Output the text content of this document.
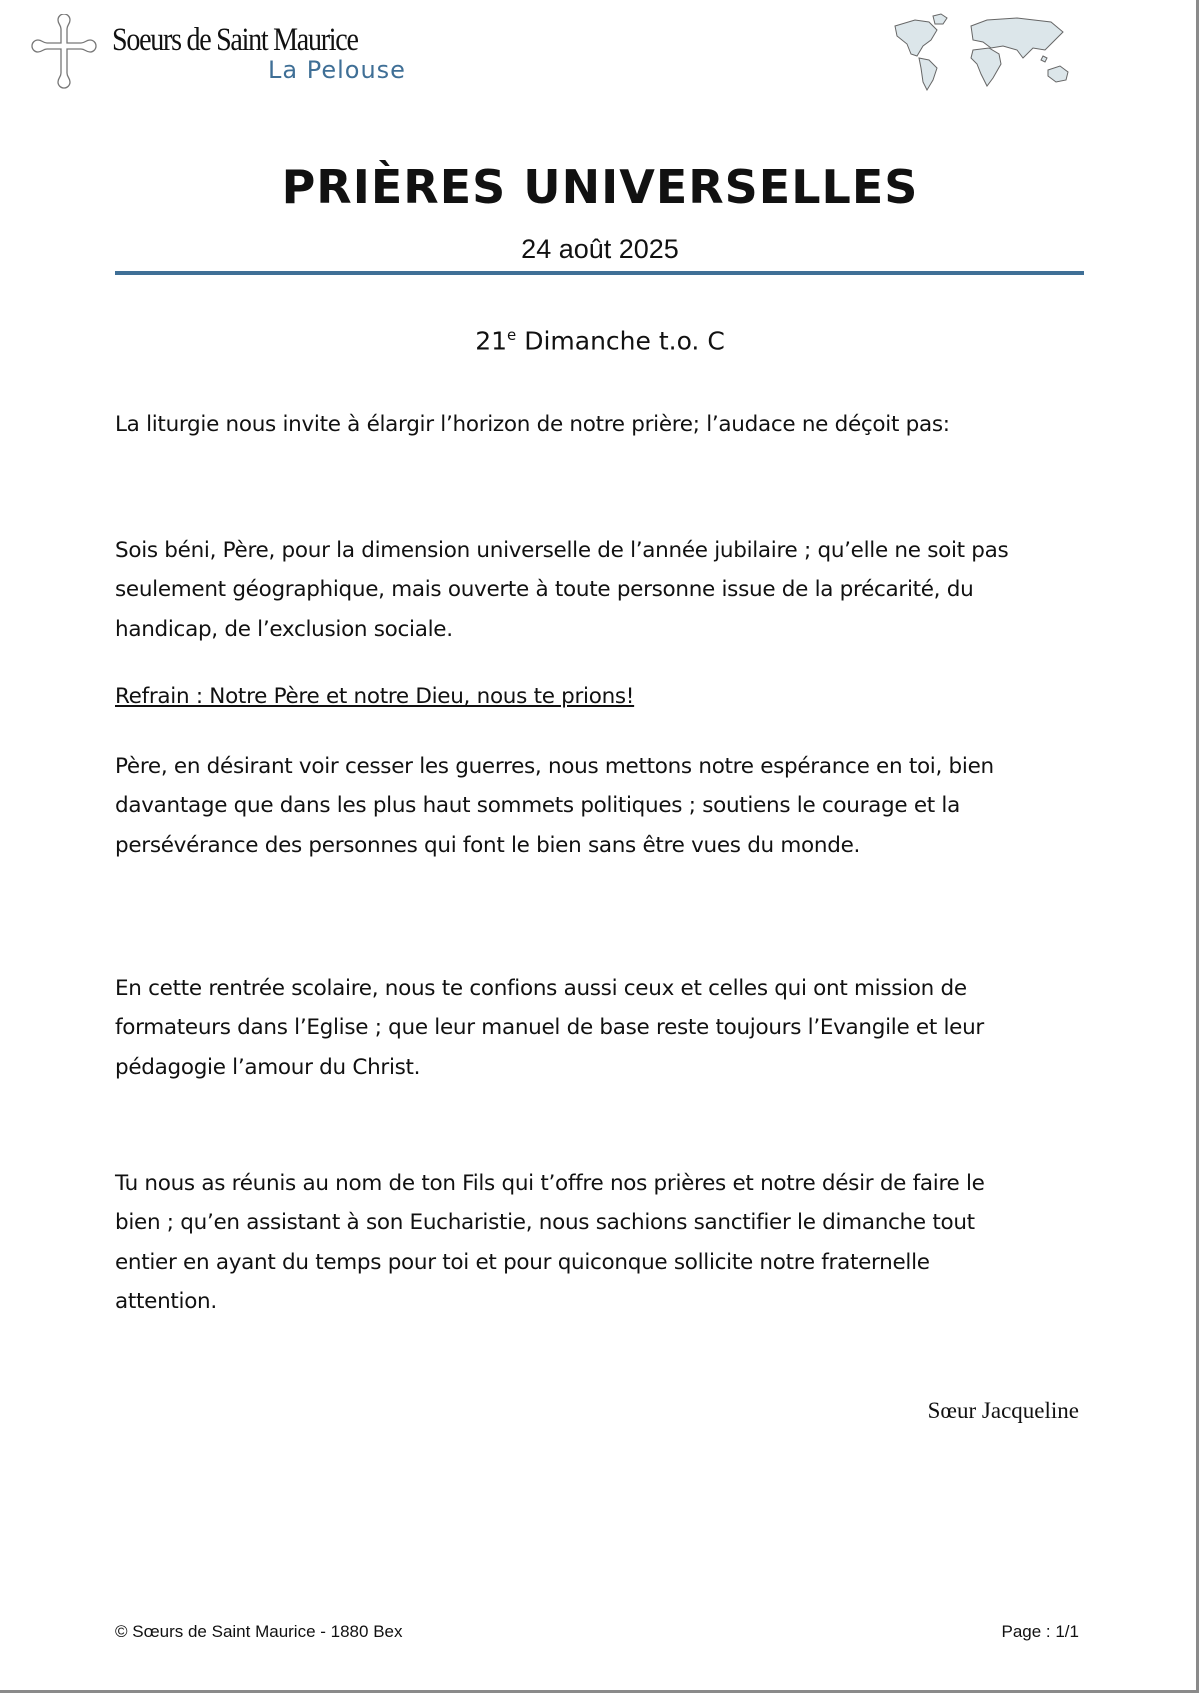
Soeurs de Saint Maurice
La Pelouse
PRIÈRES UNIVERSELLES
24 août 2025
21e Dimanche t.o. C
La liturgie nous invite à élargir l’horizon de notre prière; l’audace ne déçoit pas:
Sois béni, Père, pour la dimension universelle de l’année jubilaire ; qu’elle ne soit pas
seulement géographique, mais ouverte à toute personne issue de la précarité, du
handicap, de l’exclusion sociale.
Refrain : Notre Père et notre Dieu, nous te prions!
Père, en désirant voir cesser les guerres, nous mettons notre espérance en toi, bien
davantage que dans les plus haut sommets politiques ; soutiens le courage et la
persévérance des personnes qui font le bien sans être vues du monde.
En cette rentrée scolaire, nous te confions aussi ceux et celles qui ont mission de
formateurs dans l’Eglise ; que leur manuel de base reste toujours l’Evangile et leur
pédagogie l’amour du Christ.
Tu nous as réunis au nom de ton Fils qui t’offre nos prières et notre désir de faire le
bien ; qu’en assistant à son Eucharistie, nous sachions sanctifier le dimanche tout
entier en ayant du temps pour toi et pour quiconque sollicite notre fraternelle
attention.
Sœur Jacqueline
© Sœurs de Saint Maurice - 1880 Bex	Page : 1/1
